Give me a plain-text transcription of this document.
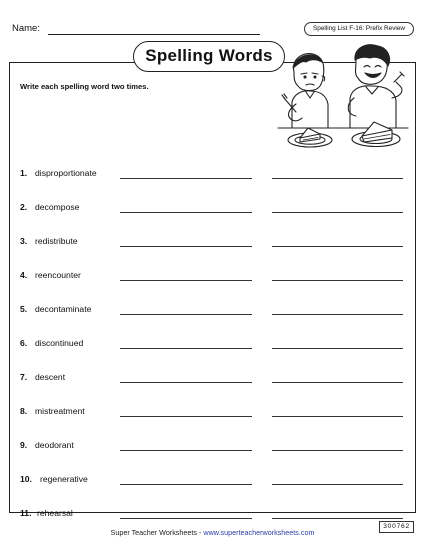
Name:	Spelling List F-16: Prefix Review
Spelling Words
Write each spelling word two times.
1. disproportionate
2. decompose
3. redistribute
4. reencounter
5. decontaminate
6. discontinued
7. descent
8. mistreatment
9. deodorant
10. regenerative
11. rehearsal
Super Teacher Worksheets - www.superteacherworksheets.com
300762
